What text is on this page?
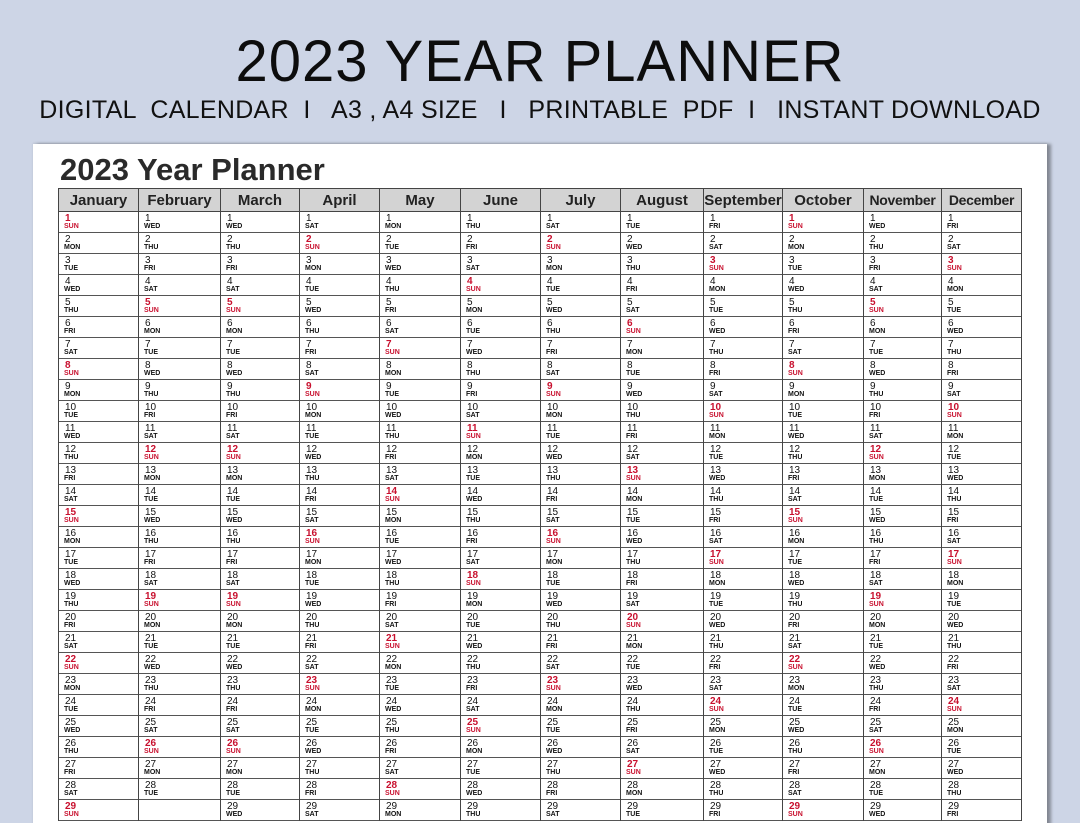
2023 YEAR PLANNER
DIGITAL  CALENDAR  I   A3 , A4 SIZE   I   PRINTABLE  PDF  I   INSTANT DOWNLOAD
2023 Year Planner
January
1
SUN
2
MON
3
TUE
4
WED
5
THU
6
FRI
7
SAT
8
SUN
9
MON
10
TUE
11
WED
12
THU
13
FRI
14
SAT
15
SUN
16
MON
17
TUE
18
WED
19
THU
20
FRI
21
SAT
22
SUN
23
MON
24
TUE
25
WED
26
THU
27
FRI
28
SAT
29
SUN
February
1
WED
2
THU
3
FRI
4
SAT
5
SUN
6
MON
7
TUE
8
WED
9
THU
10
FRI
11
SAT
12
SUN
13
MON
14
TUE
15
WED
16
THU
17
FRI
18
SAT
19
SUN
20
MON
21
TUE
22
WED
23
THU
24
FRI
25
SAT
26
SUN
27
MON
28
TUE
March
1
WED
2
THU
3
FRI
4
SAT
5
SUN
6
MON
7
TUE
8
WED
9
THU
10
FRI
11
SAT
12
SUN
13
MON
14
TUE
15
WED
16
THU
17
FRI
18
SAT
19
SUN
20
MON
21
TUE
22
WED
23
THU
24
FRI
25
SAT
26
SUN
27
MON
28
TUE
29
WED
April
1
SAT
2
SUN
3
MON
4
TUE
5
WED
6
THU
7
FRI
8
SAT
9
SUN
10
MON
11
TUE
12
WED
13
THU
14
FRI
15
SAT
16
SUN
17
MON
18
TUE
19
WED
20
THU
21
FRI
22
SAT
23
SUN
24
MON
25
TUE
26
WED
27
THU
28
FRI
29
SAT
May
1
MON
2
TUE
3
WED
4
THU
5
FRI
6
SAT
7
SUN
8
MON
9
TUE
10
WED
11
THU
12
FRI
13
SAT
14
SUN
15
MON
16
TUE
17
WED
18
THU
19
FRI
20
SAT
21
SUN
22
MON
23
TUE
24
WED
25
THU
26
FRI
27
SAT
28
SUN
29
MON
June
1
THU
2
FRI
3
SAT
4
SUN
5
MON
6
TUE
7
WED
8
THU
9
FRI
10
SAT
11
SUN
12
MON
13
TUE
14
WED
15
THU
16
FRI
17
SAT
18
SUN
19
MON
20
TUE
21
WED
22
THU
23
FRI
24
SAT
25
SUN
26
MON
27
TUE
28
WED
29
THU
July
1
SAT
2
SUN
3
MON
4
TUE
5
WED
6
THU
7
FRI
8
SAT
9
SUN
10
MON
11
TUE
12
WED
13
THU
14
FRI
15
SAT
16
SUN
17
MON
18
TUE
19
WED
20
THU
21
FRI
22
SAT
23
SUN
24
MON
25
TUE
26
WED
27
THU
28
FRI
29
SAT
August
1
TUE
2
WED
3
THU
4
FRI
5
SAT
6
SUN
7
MON
8
TUE
9
WED
10
THU
11
FRI
12
SAT
13
SUN
14
MON
15
TUE
16
WED
17
THU
18
FRI
19
SAT
20
SUN
21
MON
22
TUE
23
WED
24
THU
25
FRI
26
SAT
27
SUN
28
MON
29
TUE
September
1
FRI
2
SAT
3
SUN
4
MON
5
TUE
6
WED
7
THU
8
FRI
9
SAT
10
SUN
11
MON
12
TUE
13
WED
14
THU
15
FRI
16
SAT
17
SUN
18
MON
19
TUE
20
WED
21
THU
22
FRI
23
SAT
24
SUN
25
MON
26
TUE
27
WED
28
THU
29
FRI
October
1
SUN
2
MON
3
TUE
4
WED
5
THU
6
FRI
7
SAT
8
SUN
9
MON
10
TUE
11
WED
12
THU
13
FRI
14
SAT
15
SUN
16
MON
17
TUE
18
WED
19
THU
20
FRI
21
SAT
22
SUN
23
MON
24
TUE
25
WED
26
THU
27
FRI
28
SAT
29
SUN
November
1
WED
2
THU
3
FRI
4
SAT
5
SUN
6
MON
7
TUE
8
WED
9
THU
10
FRI
11
SAT
12
SUN
13
MON
14
TUE
15
WED
16
THU
17
FRI
18
SAT
19
SUN
20
MON
21
TUE
22
WED
23
THU
24
FRI
25
SAT
26
SUN
27
MON
28
TUE
29
WED
December
1
FRI
2
SAT
3
SUN
4
MON
5
TUE
6
WED
7
THU
8
FRI
9
SAT
10
SUN
11
MON
12
TUE
13
WED
14
THU
15
FRI
16
SAT
17
SUN
18
MON
19
TUE
20
WED
21
THU
22
FRI
23
SAT
24
SUN
25
MON
26
TUE
27
WED
28
THU
29
FRI
